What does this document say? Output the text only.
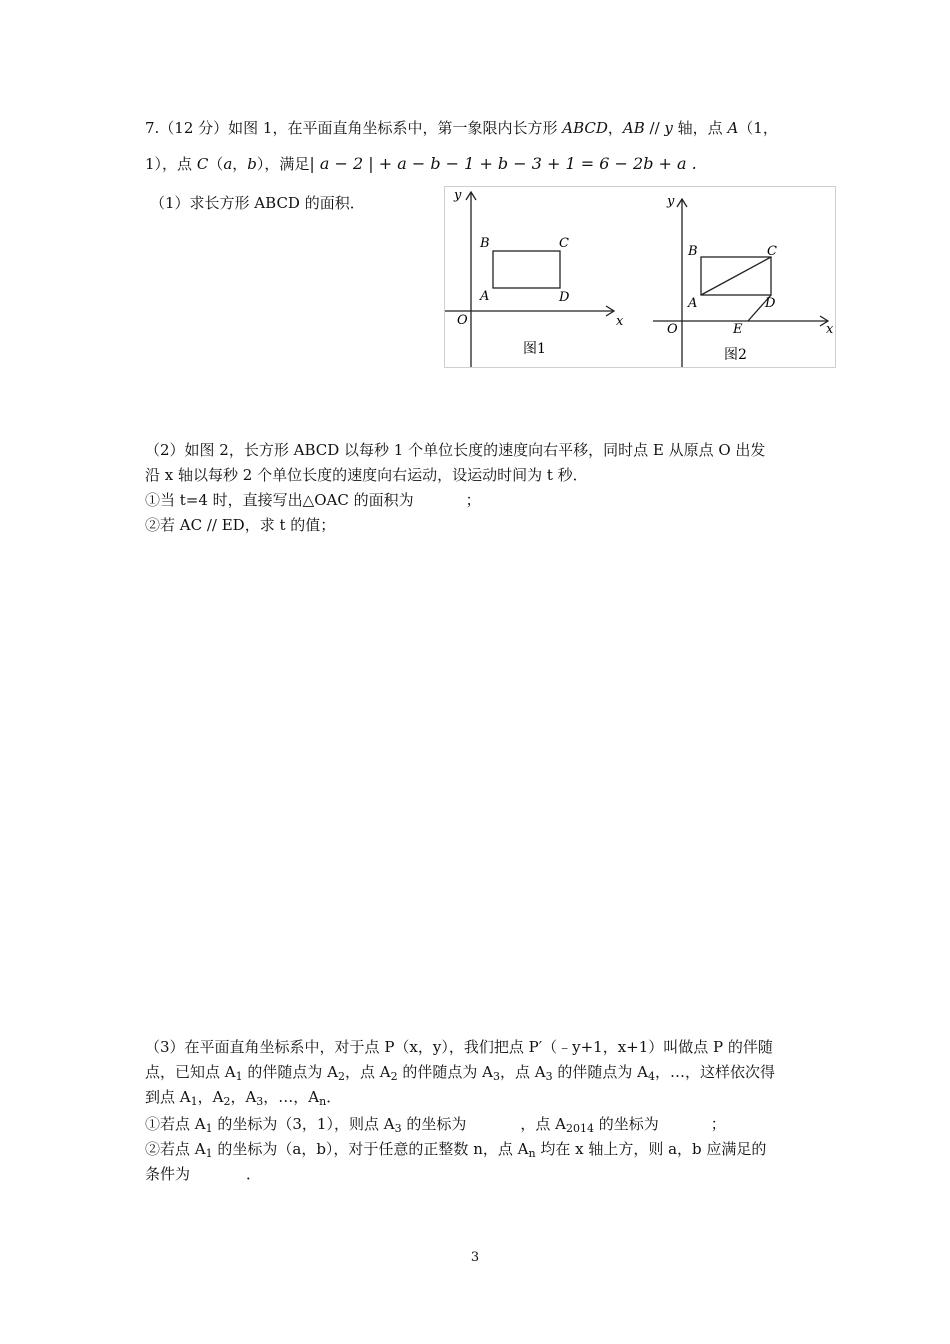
7.（12 分）如图 1，在平面直角坐标系中，第一象限内长方形 ABCD，AB // y 轴，点 A（1，
1），点 C（a，b），满足| a − 2 | + a − b − 1 + b − 3 + 1 = 6 − 2b + a .
（1）求长方形 ABCD 的面积．	y
x
O
B	C
A	D
图1
y
x
O
B	C
A	D
E
图2
（2）如图 2，长方形 ABCD 以每秒 1 个单位长度的速度向右平移，同时点 E 从原点 O 出发
沿 x 轴以每秒 2 个单位长度的速度向右运动，设运动时间为 t 秒．
①当 t=4 时，直接写出△OAC 的面积为	；
②若 AC // ED，求 t 的值；
（3）在平面直角坐标系中，对于点 P（x，y），我们把点 P′（﹣y+1，x+1）叫做点 P 的伴随
点，已知点 $A_1$ 的伴随点为 $A_2$，点 $A_2$ 的伴随点为 $A_3$，点 $A_3$ 的伴随点为 $A_4$，…，这样依次得
到点 $A_1$，$A_2$，$A_3$，…，$A_n$．
①若点 $A_1$ 的坐标为（3，1），则点 $A_3$ 的坐标为	，点 $A_{2014}$ 的坐标为	；
②若点 $A_1$ 的坐标为（a，b），对于任意的正整数 n，点 $A_n$ 均在 x 轴上方，则 a，b 应满足的
条件为	．
3
